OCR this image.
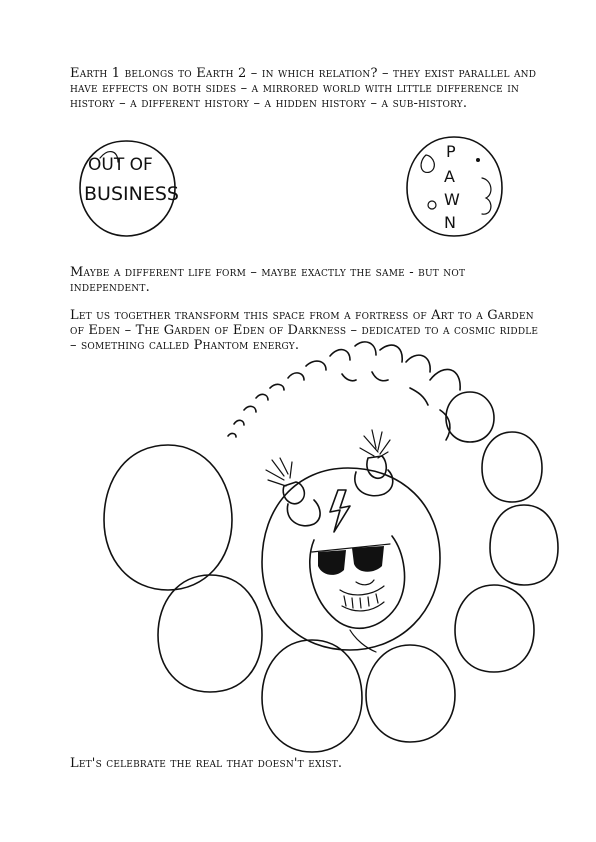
Earth 1 belongs to Earth 2 – in which relation? – they exist parallel and have effects on both sides – a mirrored world with little difference in history – a different history – a hidden history – a sub-history.

OUT OF
BUSINESS
P
A
W
N

Maybe a different life form – maybe exactly the same - but not independent.

Let us together transform this space from a fortress of Art to a Garden of Eden – The Garden of Eden of Darkness – dedicated to a cosmic riddle – something called Phantom energy.

Let's celebrate the real that doesn't exist.
